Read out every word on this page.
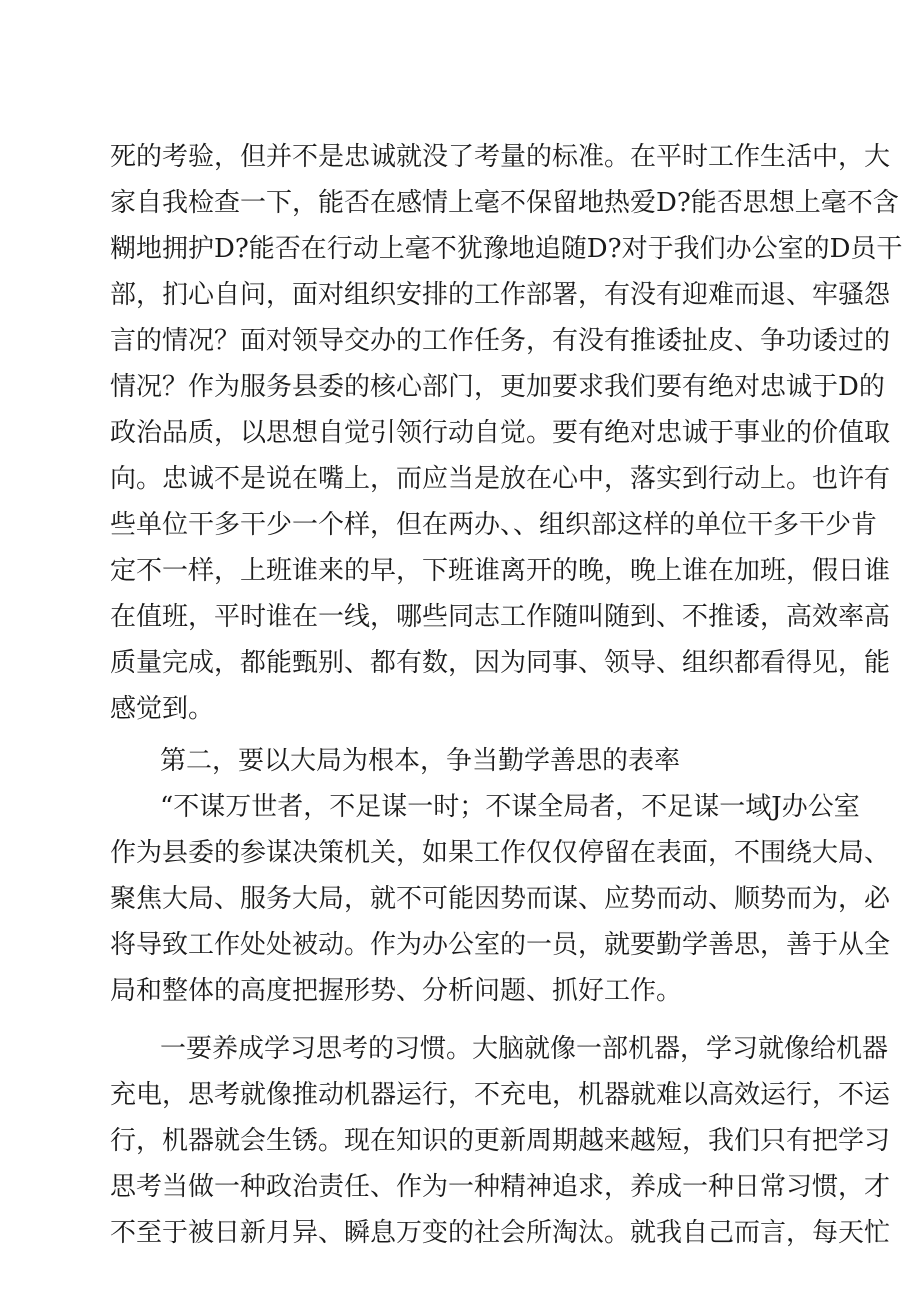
死的考验，但并不是忠诚就没了考量的标准。在平时工作生活中，大
家自我检查一下，能否在感情上毫不保留地热爱D?能否思想上毫不含
糊地拥护D?能否在行动上毫不犹豫地追随D?对于我们办公室的D员干
部，扪心自问，面对组织安排的工作部署，有没有迎难而退、牢骚怨
言的情况？面对领导交办的工作任务，有没有推诿扯皮、争功诿过的
情况？作为服务县委的核心部门，更加要求我们要有绝对忠诚于D的
政治品质，以思想自觉引领行动自觉。要有绝对忠诚于事业的价值取
向。忠诚不是说在嘴上，而应当是放在心中，落实到行动上。也许有
些单位干多干少一个样，但在两办、、组织部这样的单位干多干少肯
定不一样，上班谁来的早，下班谁离开的晚，晚上谁在加班，假日谁
在值班，平时谁在一线，哪些同志工作随叫随到、不推诿，高效率高
质量完成，都能甄别、都有数，因为同事、领导、组织都看得见，能
感觉到。
第二，要以大局为根本，争当勤学善思的表率
“不谋万世者，不足谋一时；不谋全局者，不足谋一域J办公室
作为县委的参谋决策机关，如果工作仅仅停留在表面，不围绕大局、
聚焦大局、服务大局，就不可能因势而谋、应势而动、顺势而为，必
将导致工作处处被动。作为办公室的一员，就要勤学善思，善于从全
局和整体的高度把握形势、分析问题、抓好工作。
一要养成学习思考的习惯。大脑就像一部机器，学习就像给机器
充电，思考就像推动机器运行，不充电，机器就难以高效运行，不运
行，机器就会生锈。现在知识的更新周期越来越短，我们只有把学习
思考当做一种政治责任、作为一种精神追求，养成一种日常习惯，才
不至于被日新月异、瞬息万变的社会所淘汰。就我自己而言，每天忙
